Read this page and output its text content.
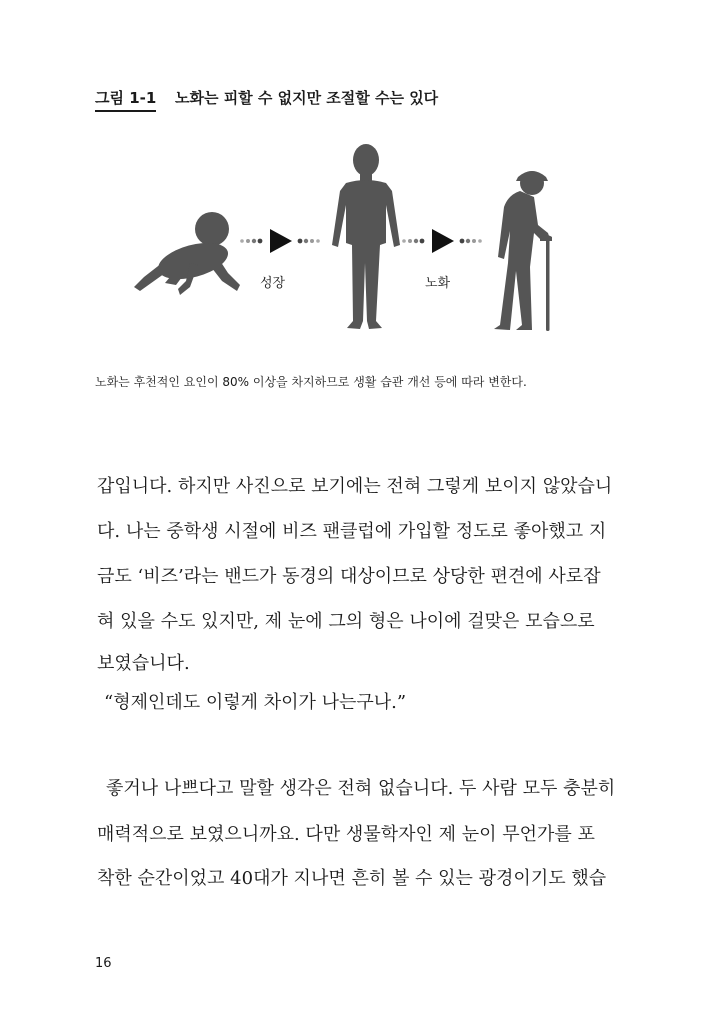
그림 1-1 노화는 피할 수 없지만 조절할 수는 있다
성장	노화
노화는 후천적인 요인이 80% 이상을 차지하므로 생활 습관 개선 등에 따라 변한다.
갑입니다. 하지만 사진으로 보기에는 전혀 그렇게 보이지 않았습니
다. 나는 중학생 시절에 비즈 팬클럽에 가입할 정도로 좋아했고 지
금도 ‘비즈’라는 밴드가 동경의 대상이므로 상당한 편견에 사로잡
혀 있을 수도 있지만, 제 눈에 그의 형은 나이에 걸맞은 모습으로
보였습니다.
“형제인데도 이렇게 차이가 나는구나.”
좋거나 나쁘다고 말할 생각은 전혀 없습니다. 두 사람 모두 충분히
매력적으로 보였으니까요. 다만 생물학자인 제 눈이 무언가를 포
착한 순간이었고 40대가 지나면 흔히 볼 수 있는 광경이기도 했습
16
